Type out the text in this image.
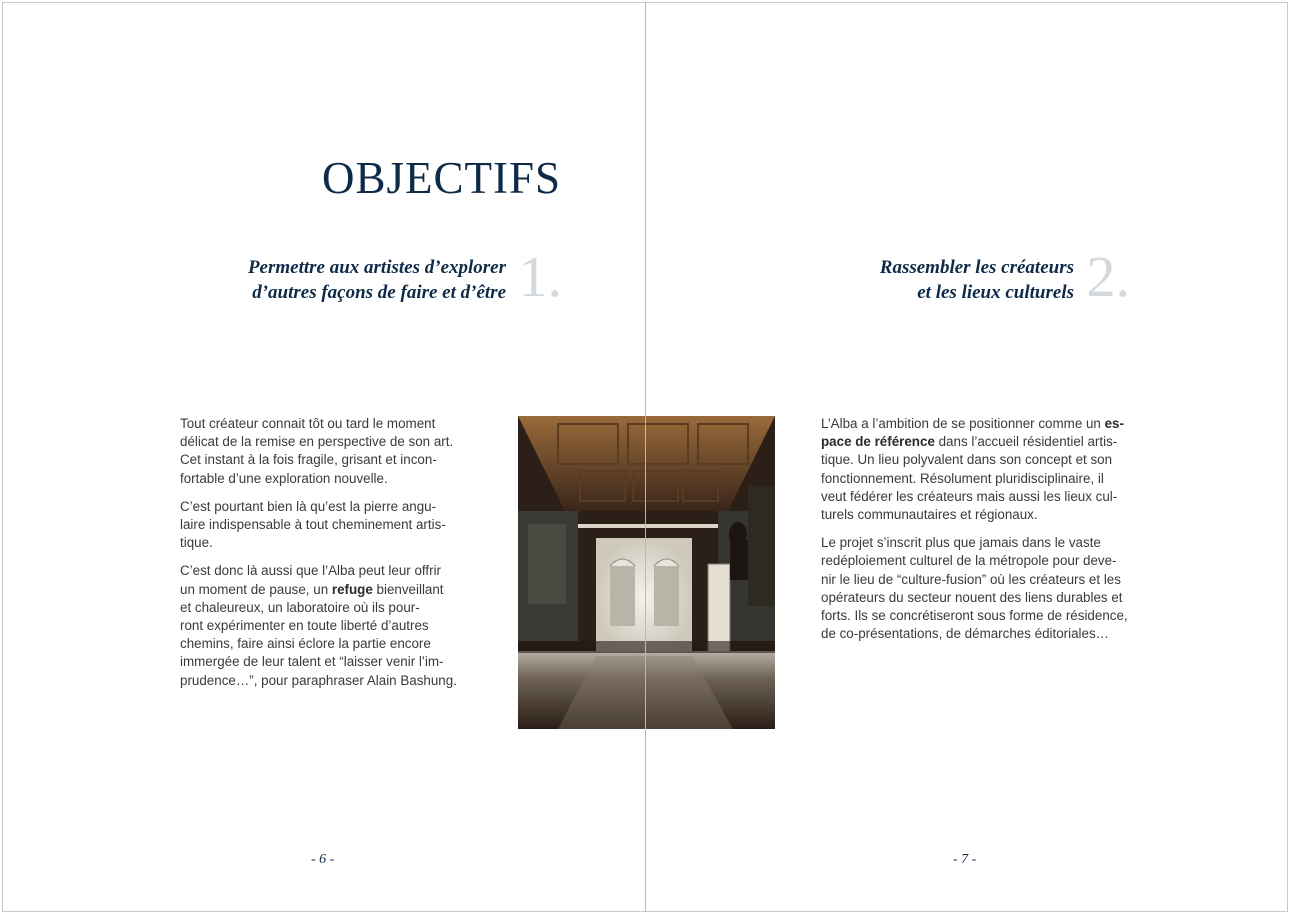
OBJECTIFS
Permettre aux artistes d’explorer
d’autres façons de faire et d’être 1.	Rassembler les créateurs
et les lieux culturels 2.

Tout créateur connait tôt ou tard le moment
délicat de la remise en perspective de son art.
Cet instant à la fois fragile, grisant et incon-
fortable d’une exploration nouvelle.

C’est pourtant bien là qu’est la pierre angu-
laire indispensable à tout cheminement artis-
tique.

C’est donc là aussi que l’Alba peut leur offrir
un moment de pause, un refuge bienveillant
et chaleureux, un laboratoire où ils pour-
ront expérimenter en toute liberté d’autres
chemins, faire ainsi éclore la partie encore
immergée de leur talent et “laisser venir l’im-
prudence…”, pour paraphraser Alain Bashung.

L’Alba a l’ambition de se positionner comme un es-
pace de référence dans l’accueil résidentiel artis-
tique. Un lieu polyvalent dans son concept et son
fonctionnement. Résolument pluridisciplinaire, il
veut fédérer les créateurs mais aussi les lieux cul-
turels communautaires et régionaux.

Le projet s’inscrit plus que jamais dans le vaste
redéploiement culturel de la métropole pour deve-
nir le lieu de “culture-fusion” où les créateurs et les
opérateurs du secteur nouent des liens durables et
forts. Ils se concrétiseront sous forme de résidence,
de co-présentations, de démarches éditoriales…

- 6 -	- 7 -
